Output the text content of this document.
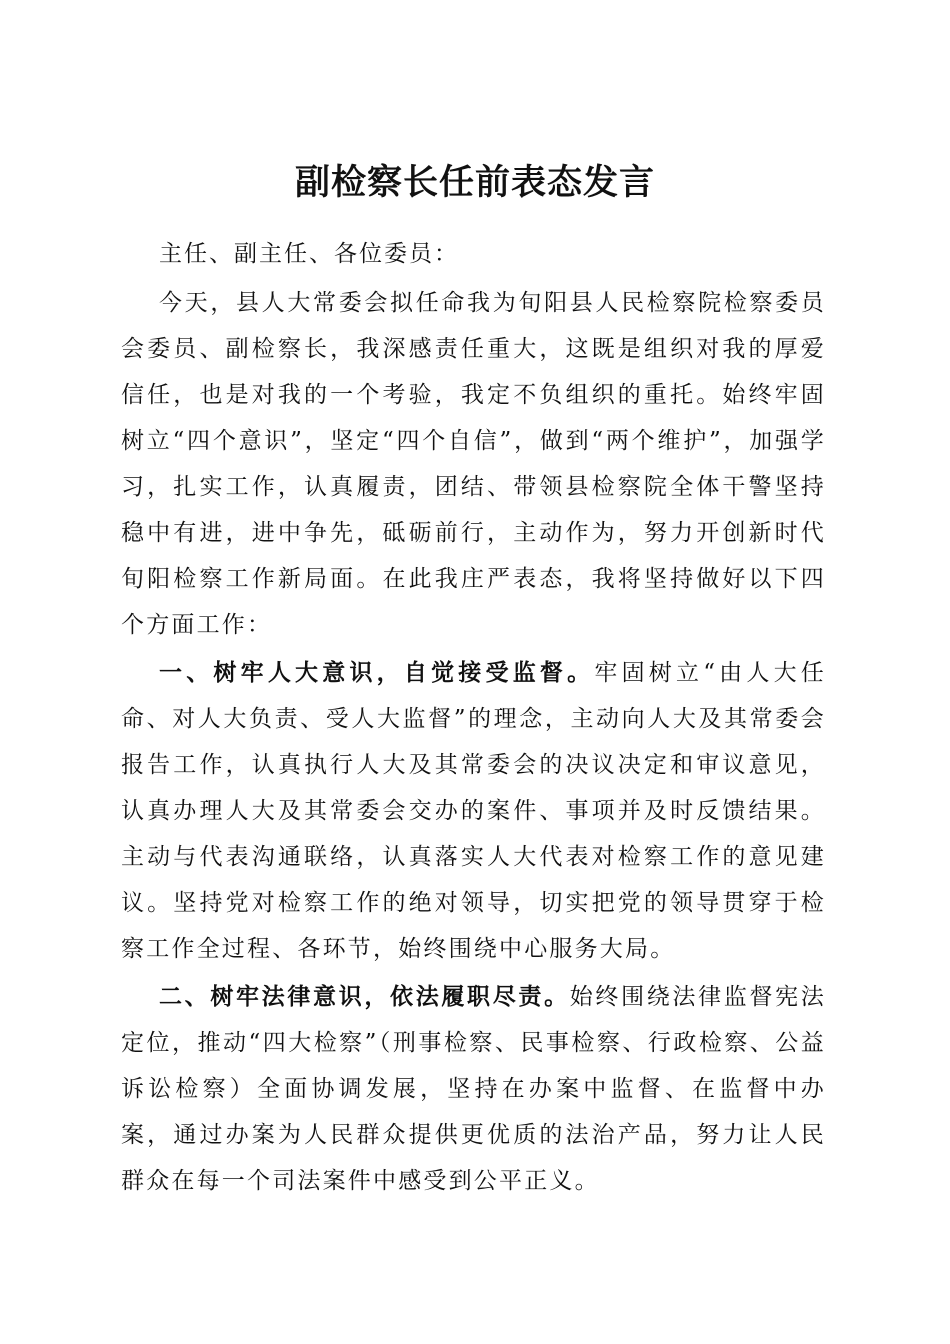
副检察长任前表态发言
主任、副主任、各位委员：

今天，县人大常委会拟任命我为旬阳县人民检察院检察委员会委员、副检察长，我深感责任重大，这既是组织对我的厚爱信任，也是对我的一个考验，我定不负组织的重托。始终牢固树立“四个意识”，坚定“四个自信”，做到“两个维护”，加强学习，扎实工作，认真履责，团结、带领县检察院全体干警坚持稳中有进，进中争先，砥砺前行，主动作为，努力开创新时代旬阳检察工作新局面。在此我庄严表态，我将坚持做好以下四个方面工作：

一、树牢人大意识，自觉接受监督。牢固树立“由人大任命、对人大负责、受人大监督”的理念，主动向人大及其常委会报告工作，认真执行人大及其常委会的决议决定和审议意见，认真办理人大及其常委会交办的案件、事项并及时反馈结果。主动与代表沟通联络，认真落实人大代表对检察工作的意见建议。坚持党对检察工作的绝对领导，切实把党的领导贯穿于检察工作全过程、各环节，始终围绕中心服务大局。

二、树牢法律意识，依法履职尽责。始终围绕法律监督宪法定位，推动“四大检察”（刑事检察、民事检察、行政检察、公益诉讼检察）全面协调发展，坚持在办案中监督、在监督中办案，通过办案为人民群众提供更优质的法治产品，努力让人民群众在每一个司法案件中感受到公平正义。
